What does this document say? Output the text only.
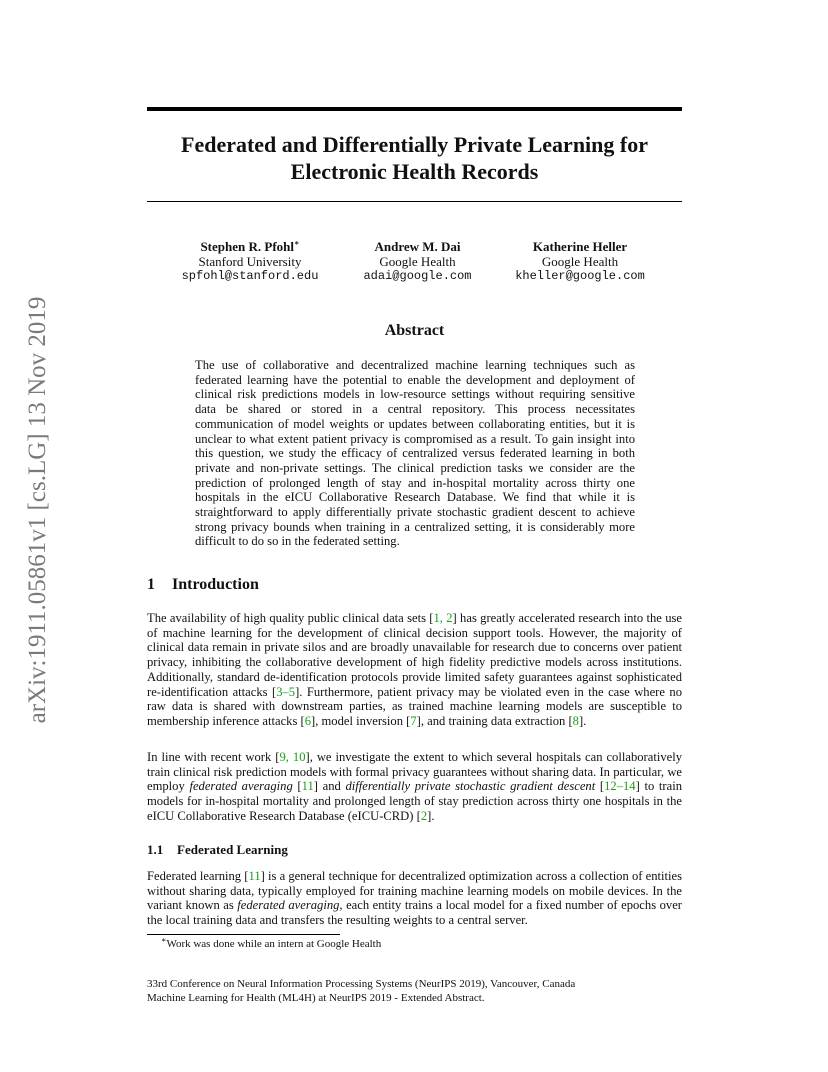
arXiv:1911.05861v1 [cs.LG] 13 Nov 2019
Federated and Differentially Private Learning for
Electronic Health Records
Stephen R. Pfohl∗
Stanford University
spfohl@stanford.edu
Andrew M. Dai
Google Health
adai@google.com
Katherine Heller
Google Health
kheller@google.com
Abstract
The use of collaborative and decentralized machine learning techniques such as federated learning have the potential to enable the development and deployment of clinical risk predictions models in low-resource settings without requiring sensitive data be shared or stored in a central repository. This process necessitates communication of model weights or updates between collaborating entities, but it is unclear to what extent patient privacy is compromised as a result. To gain insight into this question, we study the efficacy of centralized versus federated learning in both private and non-private settings. The clinical prediction tasks we consider are the prediction of prolonged length of stay and in-hospital mortality across thirty one hospitals in the eICU Collaborative Research Database. We find that while it is straightforward to apply differentially private stochastic gradient descent to achieve strong privacy bounds when training in a centralized setting, it is considerably more difficult to do so in the federated setting.
1 Introduction
The availability of high quality public clinical data sets [ 1, 2 ] has greatly accelerated research into the use of machine learning for the development of clinical decision support tools. However, the majority of clinical data remain in private silos and are broadly unavailable for research due to concerns over patient privacy, inhibiting the collaborative development of high fidelity predictive models across institutions. Additionally, standard de-identification protocols provide limited safety guarantees against sophisticated re-identification attacks [ 3–5 ] . Furthermore, patient privacy may be violated even in the case where no raw data is shared with downstream parties, as trained machine learning models are susceptible to membership inference attacks [ 6 ] , model inversion [ 7 ] , and training data extraction [ 8 ] .
In line with recent work [ 9, 10 ] , we investigate the extent to which several hospitals can collaboratively train clinical risk prediction models with formal privacy guarantees without sharing data. In particular, we employ federated averaging [ 11 ] and differentially private stochastic gradient descent [ 12–14 ] to train models for in-hospital mortality and prolonged length of stay prediction across thirty one hospitals in the eICU Collaborative Research Database (eICU-CRD) [ 2 ] .
1.1 Federated Learning
Federated learning [ 11 ] is a general technique for decentralized optimization across a collection of entities without sharing data, typically employed for training machine learning models on mobile devices. In the variant known as federated averaging, each entity trains a local model for a fixed number of epochs over the local training data and transfers the resulting weights to a central server.
∗Work was done while an intern at Google Health
33rd Conference on Neural Information Processing Systems (NeurIPS 2019), Vancouver, Canada
Machine Learning for Health (ML4H) at NeurIPS 2019 - Extended Abstract.
